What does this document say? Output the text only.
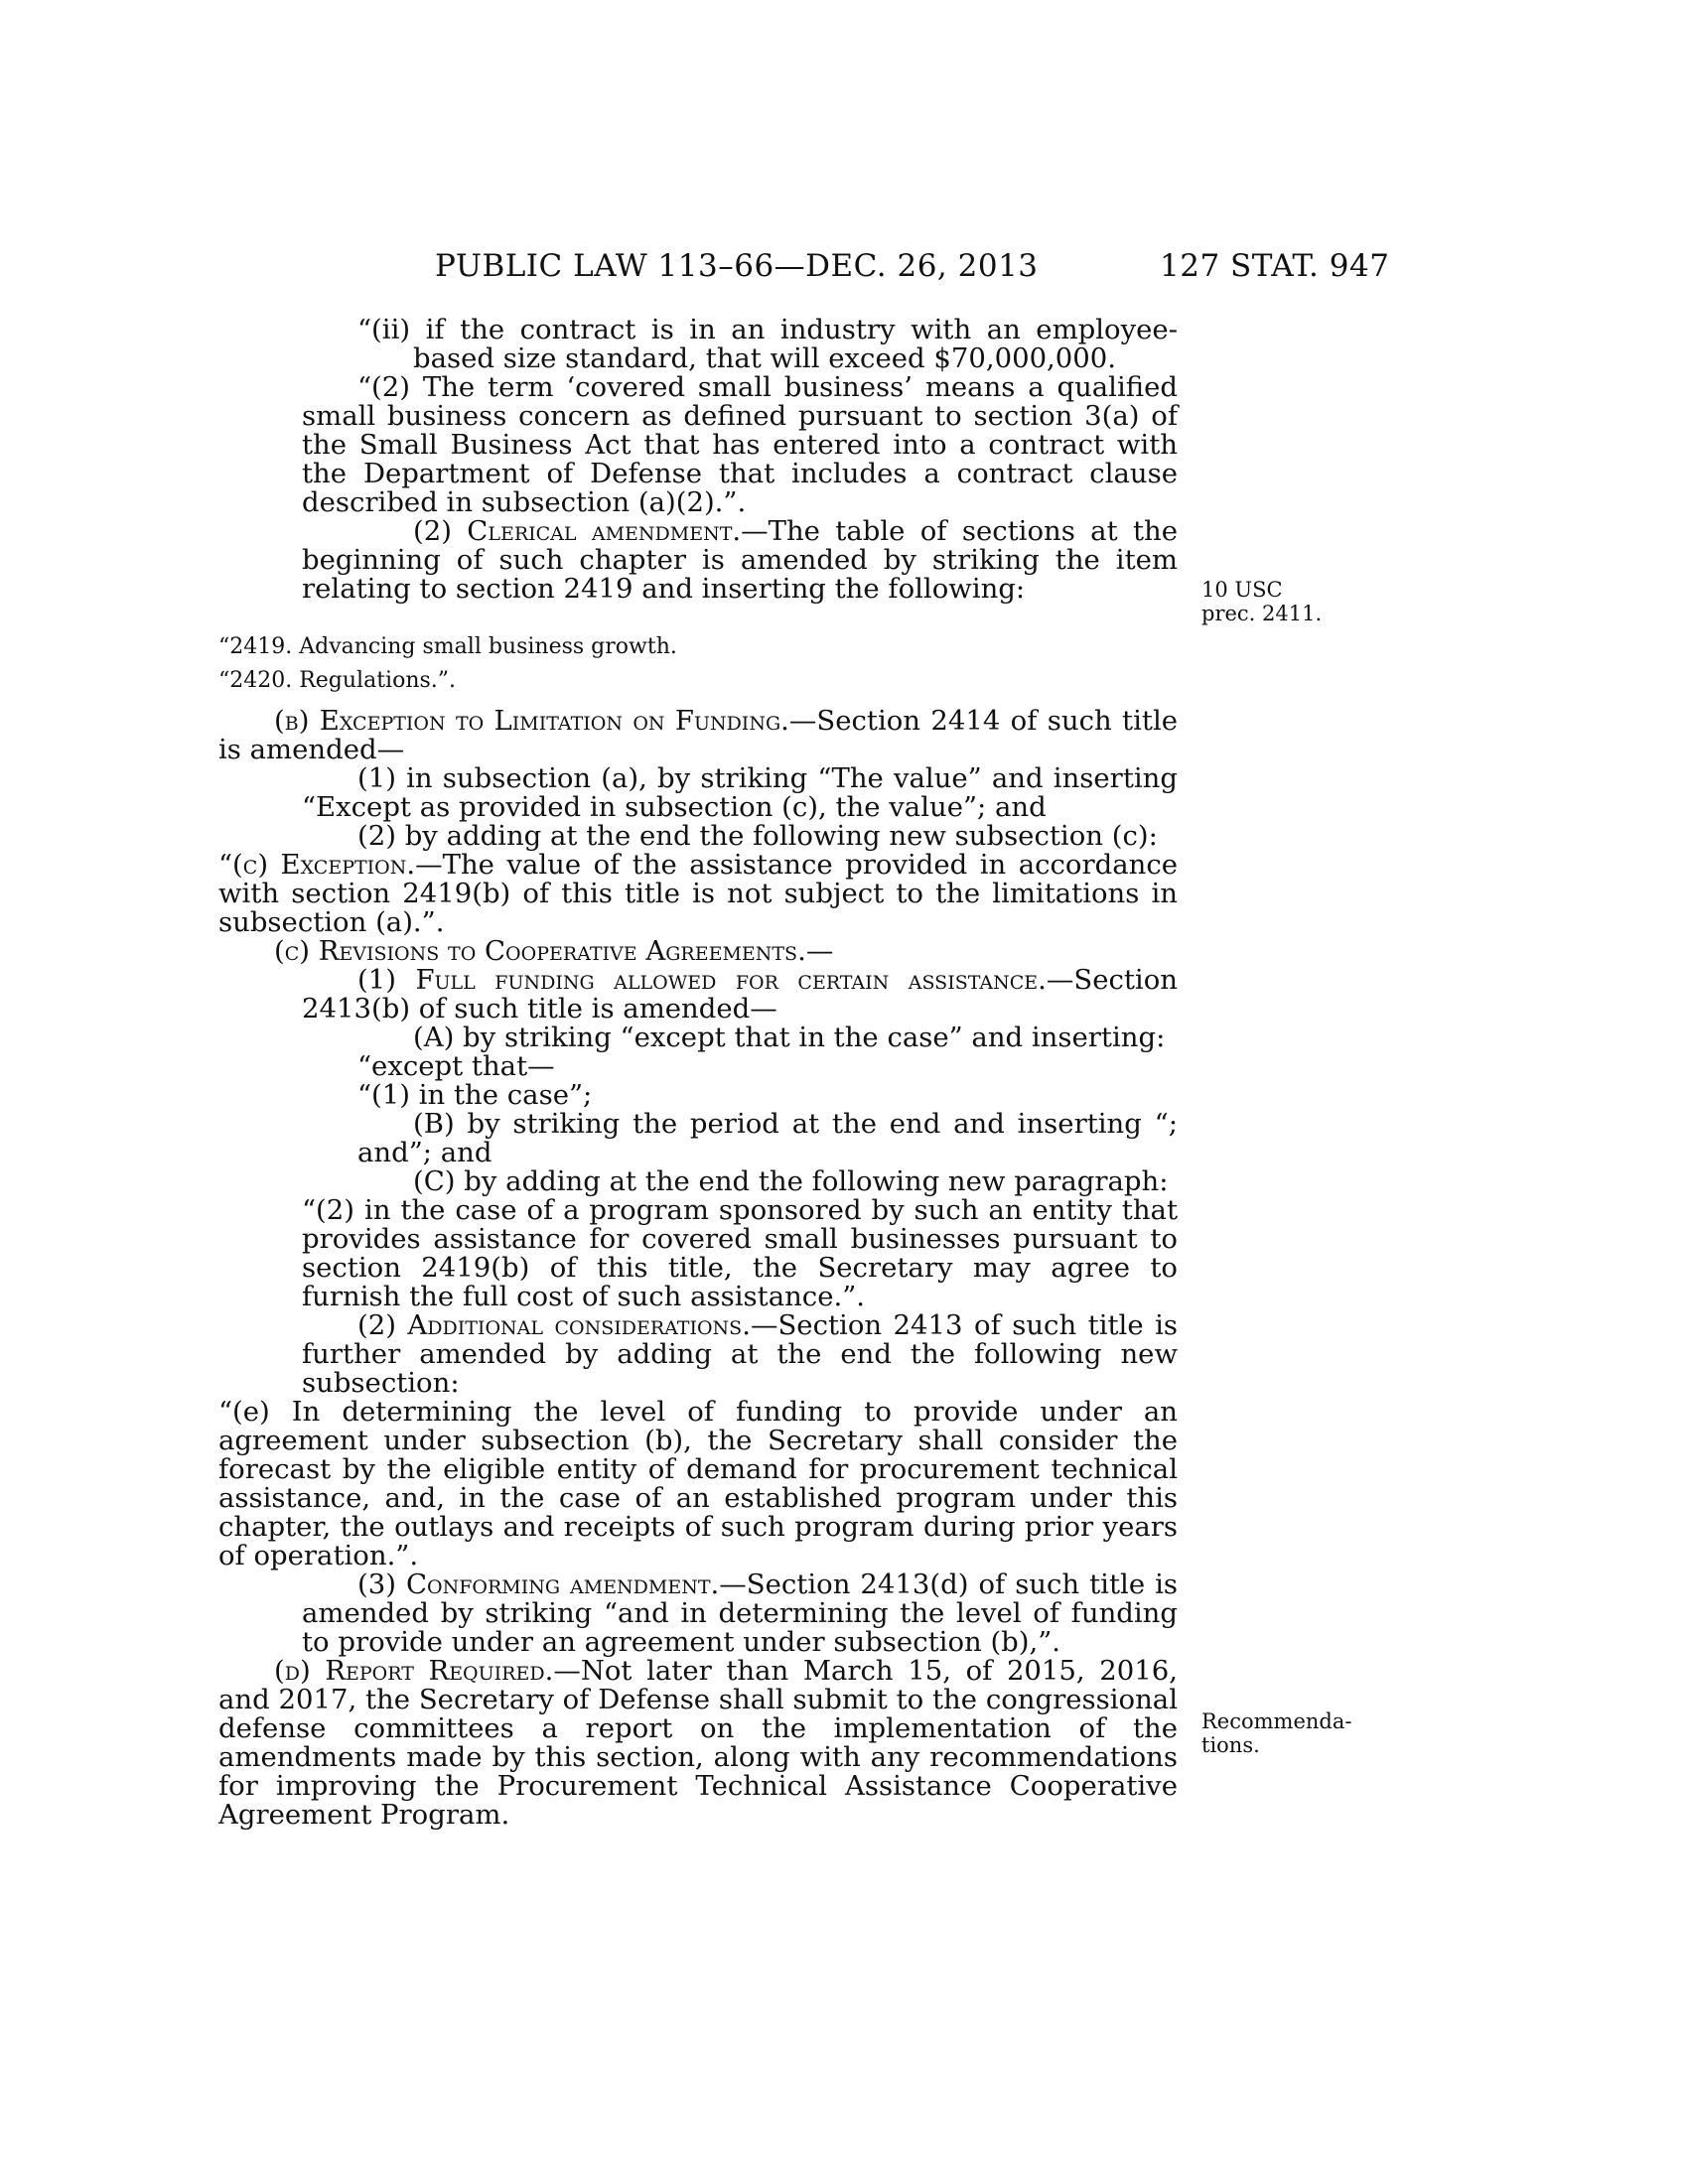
PUBLIC LAW 113–66—DEC. 26, 2013	127 STAT. 947

“(ii) if the contract is in an industry with an employee-based size standard, that will exceed $70,000,000.

“(2) The term ‘covered small business’ means a qualified small business concern as defined pursuant to section 3(a) of the Small Business Act that has entered into a contract with the Department of Defense that includes a contract clause described in subsection (a)(2).”.

(2) Clerical amendment.—The table of sections at the beginning of such chapter is amended by striking the item relating to section 2419 and inserting the following:

“2419. Advancing small business growth.

“2420. Regulations.”.

(b) Exception to Limitation on Funding.—Section 2414 of such title is amended—

(1) in subsection (a), by striking “The value” and inserting “Except as provided in subsection (c), the value”; and

(2) by adding at the end the following new subsection (c):

“(c) Exception.—The value of the assistance provided in accordance with section 2419(b) of this title is not subject to the limitations in subsection (a).”.

(c) Revisions to Cooperative Agreements.—

(1) Full funding allowed for certain assistance.—Section 2413(b) of such title is amended—

(A) by striking “except that in the case” and inserting:

“except that—

“(1) in the case”;

(B) by striking the period at the end and inserting “; and”; and

(C) by adding at the end the following new paragraph:

“(2) in the case of a program sponsored by such an entity that provides assistance for covered small businesses pursuant to section 2419(b) of this title, the Secretary may agree to furnish the full cost of such assistance.”.

(2) Additional considerations.—Section 2413 of such title is further amended by adding at the end the following new subsection:

“(e) In determining the level of funding to provide under an agreement under subsection (b), the Secretary shall consider the forecast by the eligible entity of demand for procurement technical assistance, and, in the case of an established program under this chapter, the outlays and receipts of such program during prior years of operation.”.

(3) Conforming amendment.—Section 2413(d) of such title is amended by striking “and in determining the level of funding to provide under an agreement under subsection (b),”.

(d) Report Required.—Not later than March 15, of 2015, 2016, and 2017, the Secretary of Defense shall submit to the congressional defense committees a report on the implementation of the amendments made by this section, along with any recommendations for improving the Procurement Technical Assistance Cooperative Agreement Program.

10 USC
prec. 2411.
Recommenda-
tions.
